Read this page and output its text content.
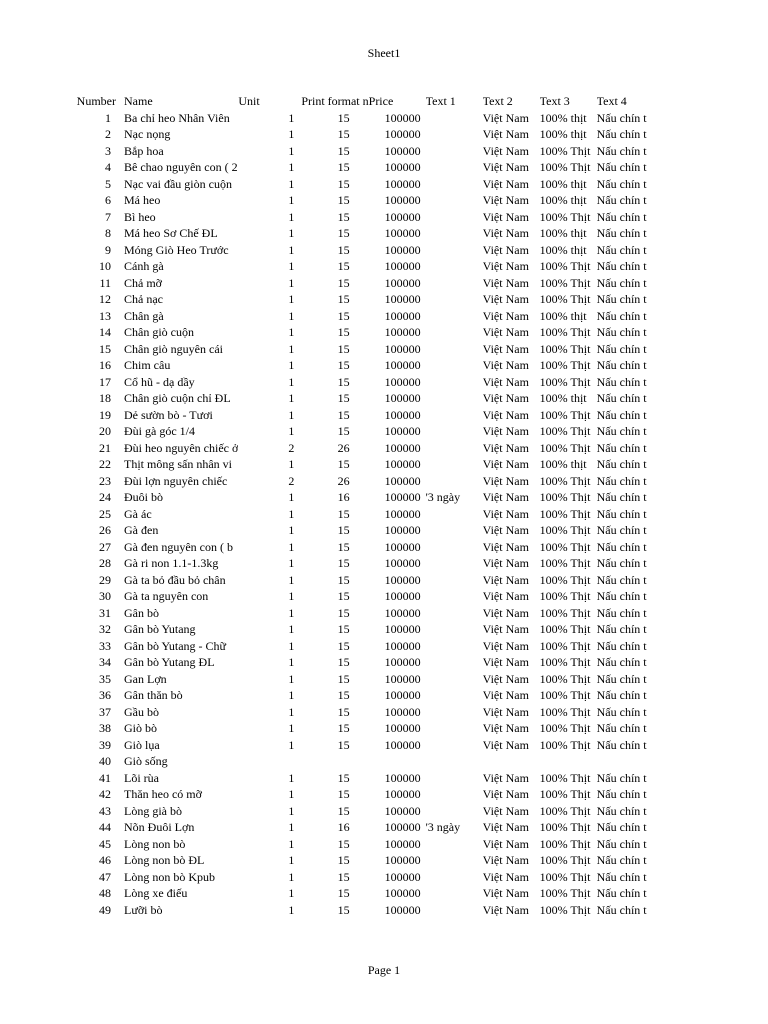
Sheet1
Number	Name	Unit	Print format n	Price	Text 1	Text 2	Text 3	Text 4
1	Ba chỉ heo Nhân Viên	1	15	100000		Việt Nam	100% thịt	Nấu chín t
2	Nạc nọng	1	15	100000		Việt Nam	100% thịt	Nấu chín t
3	Bắp hoa	1	15	100000		Việt Nam	100% Thịt	Nấu chín t
4	Bê chao nguyên con ( 2	1	15	100000		Việt Nam	100% Thịt	Nấu chín t
5	Nạc vai đầu giòn cuộn	1	15	100000		Việt Nam	100% thịt	Nấu chín t
6	Má heo	1	15	100000		Việt Nam	100% thịt	Nấu chín t
7	Bì heo	1	15	100000		Việt Nam	100% Thịt	Nấu chín t
8	Má heo Sơ Chế ĐL	1	15	100000		Việt Nam	100% thịt	Nấu chín t
9	Móng Giò Heo Trước	1	15	100000		Việt Nam	100% thịt	Nấu chín t
10	Cánh gà	1	15	100000		Việt Nam	100% Thịt	Nấu chín t
11	Chả mỡ	1	15	100000		Việt Nam	100% Thịt	Nấu chín t
12	Chả nạc	1	15	100000		Việt Nam	100% Thịt	Nấu chín t
13	Chân gà	1	15	100000		Việt Nam	100% thịt	Nấu chín t
14	Chân giò cuộn	1	15	100000		Việt Nam	100% Thịt	Nấu chín t
15	Chân giò nguyên cái	1	15	100000		Việt Nam	100% Thịt	Nấu chín t
16	Chim câu	1	15	100000		Việt Nam	100% Thịt	Nấu chín t
17	Cổ hũ - dạ dầy	1	15	100000		Việt Nam	100% Thịt	Nấu chín t
18	Chân giò cuộn chỉ ĐL	1	15	100000		Việt Nam	100% thịt	Nấu chín t
19	Dẻ sườn bò - Tươi	1	15	100000		Việt Nam	100% Thịt	Nấu chín t
20	Đùi gà góc 1/4	1	15	100000		Việt Nam	100% Thịt	Nấu chín t
21	Đùi heo nguyên chiếc ở	2	26	100000		Việt Nam	100% Thịt	Nấu chín t
22	Thịt mông sấn nhân vi	1	15	100000		Việt Nam	100% thịt	Nấu chín t
23	Đùi lợn nguyên chiếc	2	26	100000		Việt Nam	100% Thịt	Nấu chín t
24	Đuôi bò	1	16	100000	'3 ngày	Việt Nam	100% Thịt	Nấu chín t
25	Gà ác	1	15	100000		Việt Nam	100% Thịt	Nấu chín t
26	Gà đen	1	15	100000		Việt Nam	100% Thịt	Nấu chín t
27	Gà đen nguyên con ( b	1	15	100000		Việt Nam	100% Thịt	Nấu chín t
28	Gà ri non 1.1-1.3kg	1	15	100000		Việt Nam	100% Thịt	Nấu chín t
29	Gà ta bỏ đầu bỏ chân	1	15	100000		Việt Nam	100% Thịt	Nấu chín t
30	Gà ta nguyên con	1	15	100000		Việt Nam	100% Thịt	Nấu chín t
31	Gân bò	1	15	100000		Việt Nam	100% Thịt	Nấu chín t
32	Gân bò Yutang	1	15	100000		Việt Nam	100% Thịt	Nấu chín t
33	Gân bò Yutang - Chữ	1	15	100000		Việt Nam	100% Thịt	Nấu chín t
34	Gân bò Yutang ĐL	1	15	100000		Việt Nam	100% Thịt	Nấu chín t
35	Gan Lợn	1	15	100000		Việt Nam	100% Thịt	Nấu chín t
36	Gân thăn bò	1	15	100000		Việt Nam	100% Thịt	Nấu chín t
37	Gầu bò	1	15	100000		Việt Nam	100% Thịt	Nấu chín t
38	Giò bò	1	15	100000		Việt Nam	100% Thịt	Nấu chín t
39	Giò lụa	1	15	100000		Việt Nam	100% Thịt	Nấu chín t
40	Giò sống							
41	Lõi rùa	1	15	100000		Việt Nam	100% Thịt	Nấu chín t
42	Thăn heo có mỡ	1	15	100000		Việt Nam	100% Thịt	Nấu chín t
43	Lòng già bò	1	15	100000		Việt Nam	100% Thịt	Nấu chín t
44	Nõn Đuôi Lợn	1	16	100000	'3 ngày	Việt Nam	100% Thịt	Nấu chín t
45	Lòng non bò	1	15	100000		Việt Nam	100% Thịt	Nấu chín t
46	Lòng non bò ĐL	1	15	100000		Việt Nam	100% Thịt	Nấu chín t
47	Lòng non bò Kpub	1	15	100000		Việt Nam	100% Thịt	Nấu chín t
48	Lòng xe điếu	1	15	100000		Việt Nam	100% Thịt	Nấu chín t
49	Lưỡi bò	1	15	100000		Việt Nam	100% Thịt	Nấu chín t
Page 1
